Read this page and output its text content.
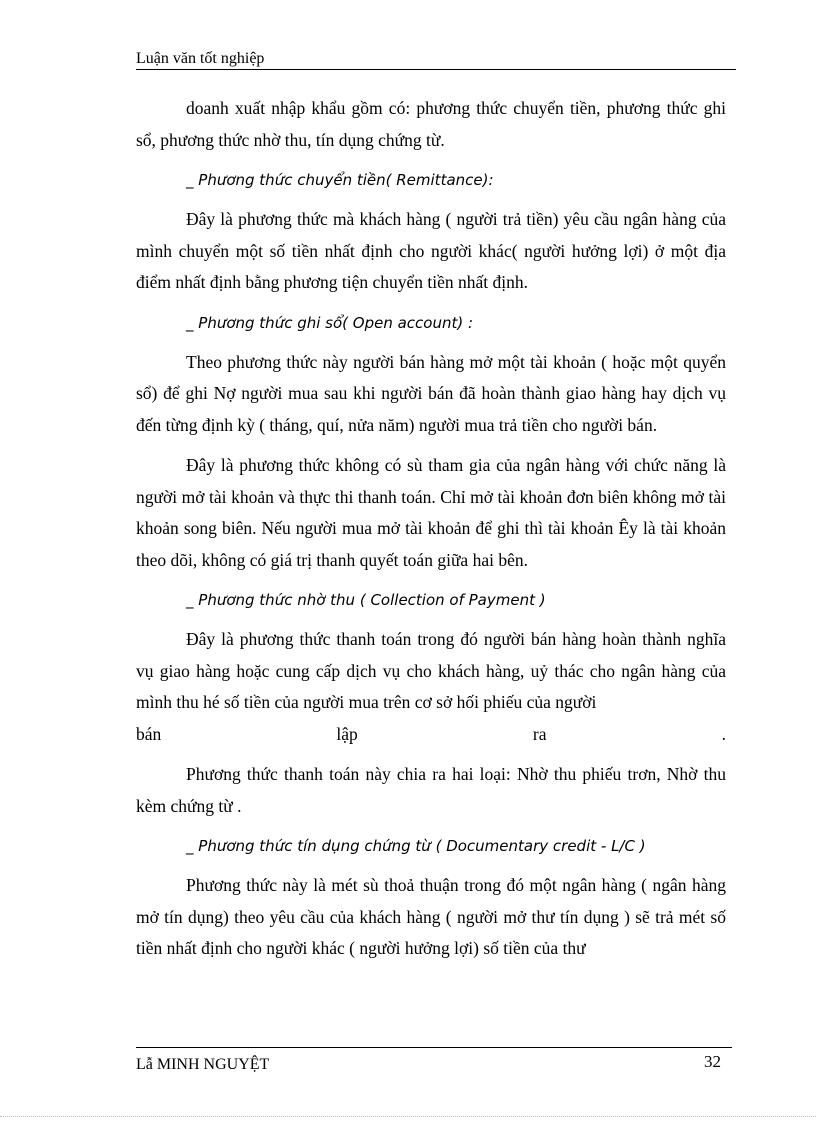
Luận văn tốt nghiệp

doanh xuất nhập khẩu gồm có: phương thức chuyển tiền, phương thức ghi sổ, phương thức nhờ thu, tín dụng chứng từ.

_ Phương thức chuyển tiền( Remittance):

Đây là phương thức mà khách hàng ( người trả tiền) yêu cầu ngân hàng của mình chuyển một số tiền nhất định cho người khác( người hưởng lợi) ở một địa điểm nhất định bằng phương tiện chuyển tiền nhất định.

_ Phương thức ghi sổ( Open account) :

Theo phương thức này người bán hàng mở một tài khoản ( hoặc một quyển sổ) để ghi Nợ người mua sau khi người bán đã hoàn thành giao hàng hay dịch vụ đến từng định kỳ ( tháng, quí, nửa năm) người mua trả tiền cho người bán.

Đây là phương thức không có sù tham gia của ngân hàng với chức năng là người mở tài khoản và thực thi thanh toán. Chỉ mở tài khoản đơn biên không mở tài khoản song biên. Nếu người mua mở tài khoản để ghi thì tài khoản Êy là tài khoản theo dõi, không có giá trị thanh quyết toán giữa hai bên.

_ Phương thức nhờ thu ( Collection of Payment )

Đây là phương thức thanh toán trong đó người bán hàng hoàn thành nghĩa vụ giao hàng hoặc cung cấp dịch vụ cho khách hàng, uỷ thác cho ngân hàng của mình thu hé số tiền của người mua trên cơ sở hối phiếu của người

bán lập ra .

Phương thức thanh toán này chia ra hai loại: Nhờ thu phiếu trơn, Nhờ thu kèm chứng từ .

_ Phương thức tín dụng chứng từ ( Documentary credit - L/C )

Phương thức này là mét sù thoả thuận trong đó một ngân hàng ( ngân hàng mở tín dụng) theo yêu cầu của khách hàng ( người mở thư tín dụng ) sẽ trả mét số tiền nhất định cho người khác ( người hưởng lợi) số tiền của thư

Lẫ MINH NGUYỆT	32
